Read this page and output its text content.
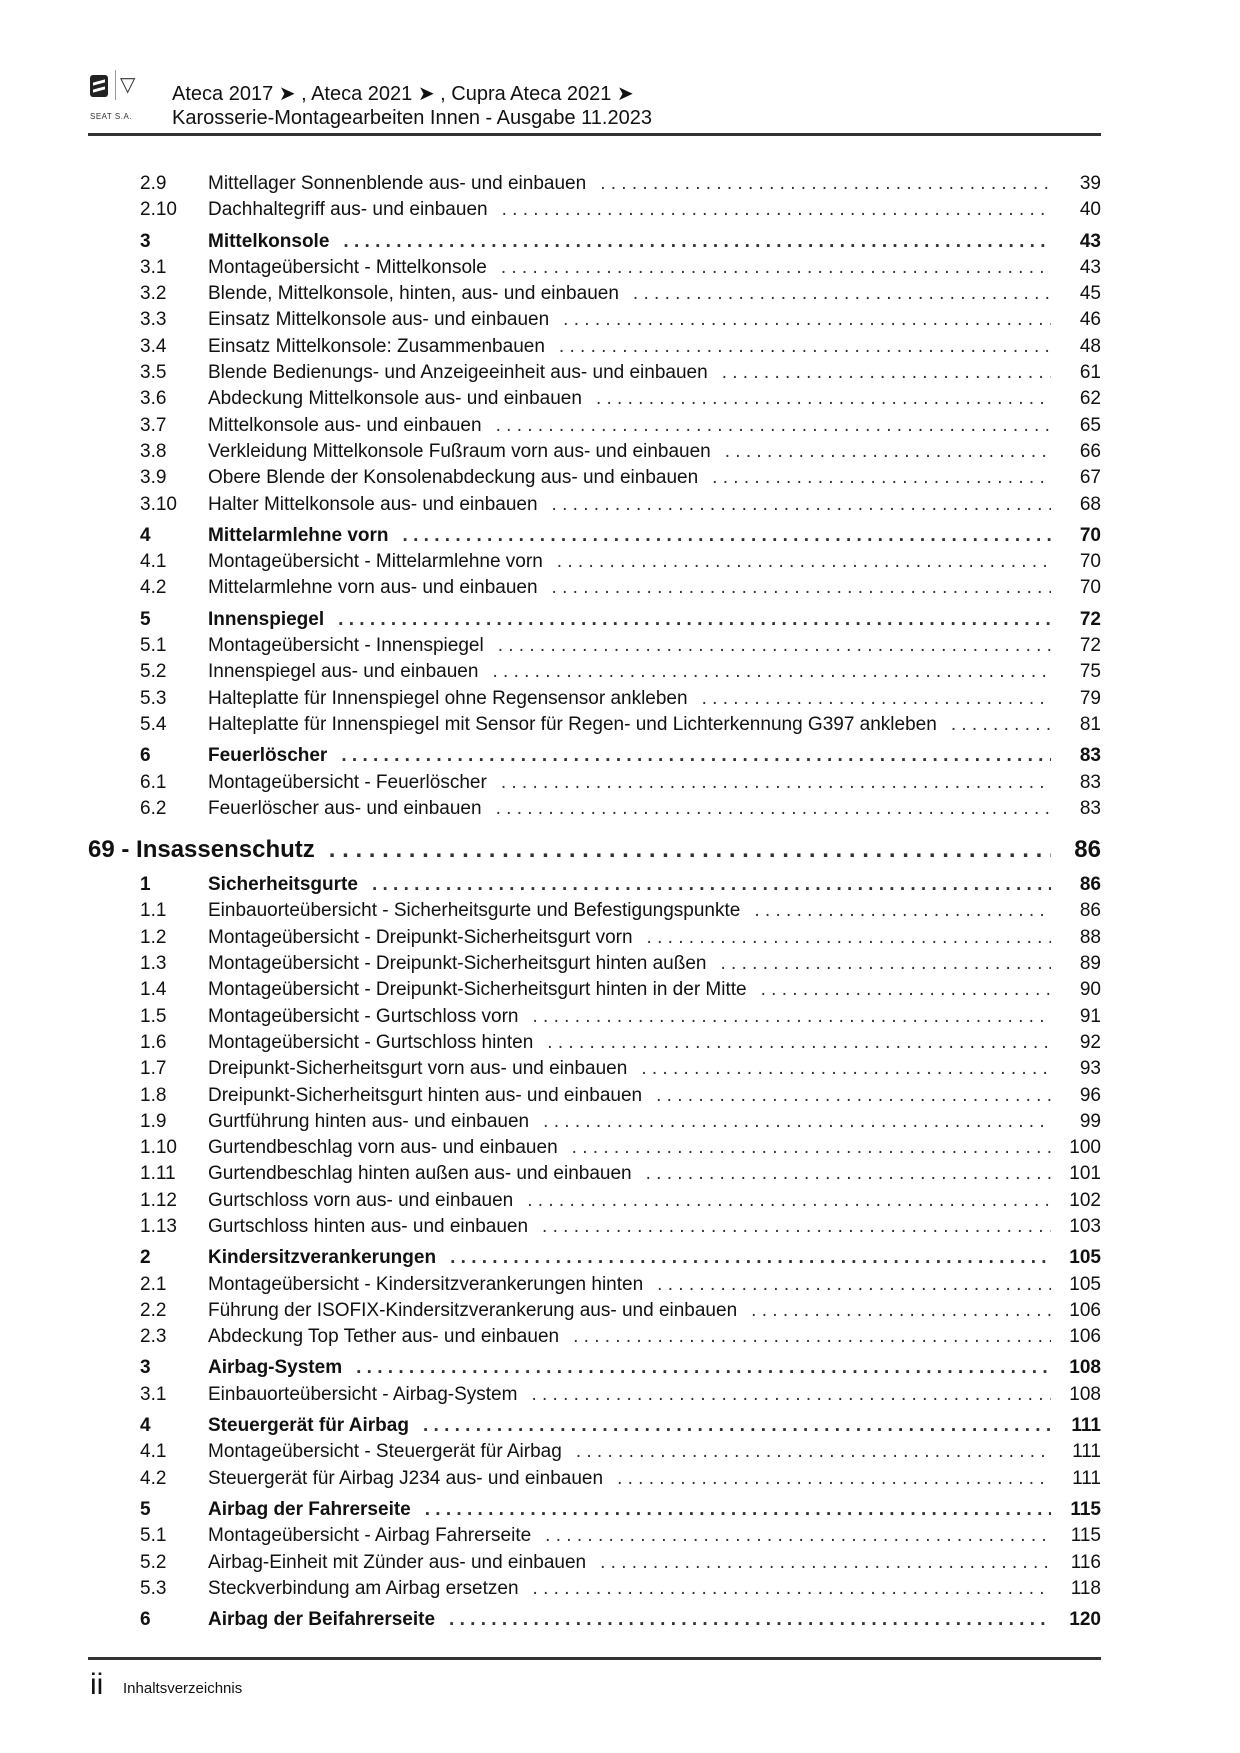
▽
SEAT S.A.
Ateca 2017 ➤ , Ateca 2021 ➤ , Cupra Ateca 2021 ➤
Karosserie-Montagearbeiten Innen - Ausgabe 11.2023
2.9	Mittellager Sonnenblende aus- und einbauen . . .	39
2.10	Dachhaltegriff aus- und einbauen . . .	40
3	Mittelkonsole . . .	43
3.1	Montageübersicht - Mittelkonsole . . .	43
3.2	Blende, Mittelkonsole, hinten, aus- und einbauen . . .	45
3.3	Einsatz Mittelkonsole aus- und einbauen . . .	46
3.4	Einsatz Mittelkonsole: Zusammenbauen . . .	48
3.5	Blende Bedienungs- und Anzeigeeinheit aus- und einbauen . . .	61
3.6	Abdeckung Mittelkonsole aus- und einbauen . . .	62
3.7	Mittelkonsole aus- und einbauen . . .	65
3.8	Verkleidung Mittelkonsole Fußraum vorn aus- und einbauen . . .	66
3.9	Obere Blende der Konsolenabdeckung aus- und einbauen . . .	67
3.10	Halter Mittelkonsole aus- und einbauen . . .	68
4	Mittelarmlehne vorn . . .	70
4.1	Montageübersicht - Mittelarmlehne vorn . . .	70
4.2	Mittelarmlehne vorn aus- und einbauen . . .	70
5	Innenspiegel . . .	72
5.1	Montageübersicht - Innenspiegel . . .	72
5.2	Innenspiegel aus- und einbauen . . .	75
5.3	Halteplatte für Innenspiegel ohne Regensensor ankleben . . .	79
5.4	Halteplatte für Innenspiegel mit Sensor für Regen- und Lichterkennung G397 ankleben . . .	81
6	Feuerlöscher . . .	83
6.1	Montageübersicht - Feuerlöscher . . .	83
6.2	Feuerlöscher aus- und einbauen . . .	83
69 - Insassenschutz . . .	86
1	Sicherheitsgurte . . .	86
1.1	Einbauorteübersicht - Sicherheitsgurte und Befestigungspunkte . . .	86
1.2	Montageübersicht - Dreipunkt-Sicherheitsgurt vorn . . .	88
1.3	Montageübersicht - Dreipunkt-Sicherheitsgurt hinten außen . . .	89
1.4	Montageübersicht - Dreipunkt-Sicherheitsgurt hinten in der Mitte . . .	90
1.5	Montageübersicht - Gurtschloss vorn . . .	91
1.6	Montageübersicht - Gurtschloss hinten . . .	92
1.7	Dreipunkt-Sicherheitsgurt vorn aus- und einbauen . . .	93
1.8	Dreipunkt-Sicherheitsgurt hinten aus- und einbauen . . .	96
1.9	Gurtführung hinten aus- und einbauen . . .	99
1.10	Gurtendbeschlag vorn aus- und einbauen . . .	100
1.11	Gurtendbeschlag hinten außen aus- und einbauen . . .	101
1.12	Gurtschloss vorn aus- und einbauen . . .	102
1.13	Gurtschloss hinten aus- und einbauen . . .	103
2	Kindersitzverankerungen . . .	105
2.1	Montageübersicht - Kindersitzverankerungen hinten . . .	105
2.2	Führung der ISOFIX-Kindersitzverankerung aus- und einbauen . . .	106
2.3	Abdeckung Top Tether aus- und einbauen . . .	106
3	Airbag-System . . .	108
3.1	Einbauorteübersicht - Airbag-System . . .	108
4	Steuergerät für Airbag . . .	111
4.1	Montageübersicht - Steuergerät für Airbag . . .	111
4.2	Steuergerät für Airbag J234 aus- und einbauen . . .	111
5	Airbag der Fahrerseite . . .	115
5.1	Montageübersicht - Airbag Fahrerseite . . .	115
5.2	Airbag-Einheit mit Zünder aus- und einbauen . . .	116
5.3	Steckverbindung am Airbag ersetzen . . .	118
6	Airbag der Beifahrerseite . . .	120
ii Inhaltsverzeichnis
